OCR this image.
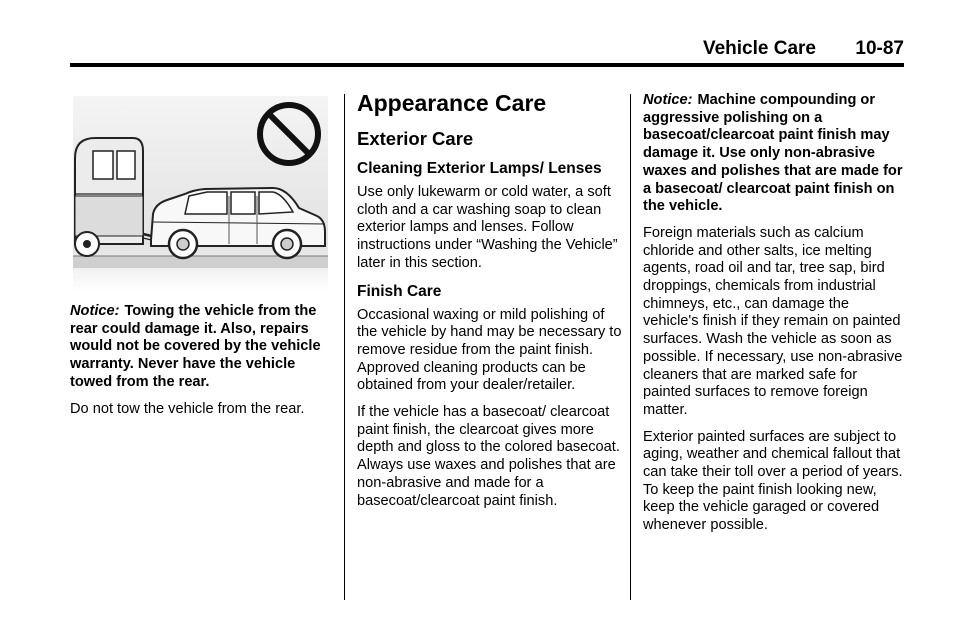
Vehicle Care 10-87

Notice: Towing the vehicle from the rear could damage it. Also, repairs would not be covered by the vehicle warranty. Never have the vehicle towed from the rear.

Do not tow the vehicle from the rear.

Appearance Care
Exterior Care
Cleaning Exterior Lamps/ Lenses

Use only lukewarm or cold water, a soft cloth and a car washing soap to clean exterior lamps and lenses. Follow instructions under “Washing the Vehicle” later in this section.

Finish Care

Occasional waxing or mild polishing of the vehicle by hand may be necessary to remove residue from the paint finish. Approved cleaning products can be obtained from your dealer/retailer.

If the vehicle has a basecoat/ clearcoat paint finish, the clearcoat gives more depth and gloss to the colored basecoat. Always use waxes and polishes that are non-abrasive and made for a basecoat/clearcoat paint finish.

Notice: Machine compounding or aggressive polishing on a basecoat/clearcoat paint finish may damage it. Use only non-abrasive waxes and polishes that are made for a basecoat/ clearcoat paint finish on the vehicle.

Foreign materials such as calcium chloride and other salts, ice melting agents, road oil and tar, tree sap, bird droppings, chemicals from industrial chimneys, etc., can damage the vehicle's finish if they remain on painted surfaces. Wash the vehicle as soon as possible. If necessary, use non-abrasive cleaners that are marked safe for painted surfaces to remove foreign matter.

Exterior painted surfaces are subject to aging, weather and chemical fallout that can take their toll over a period of years. To keep the paint finish looking new, keep the vehicle garaged or covered whenever possible.
